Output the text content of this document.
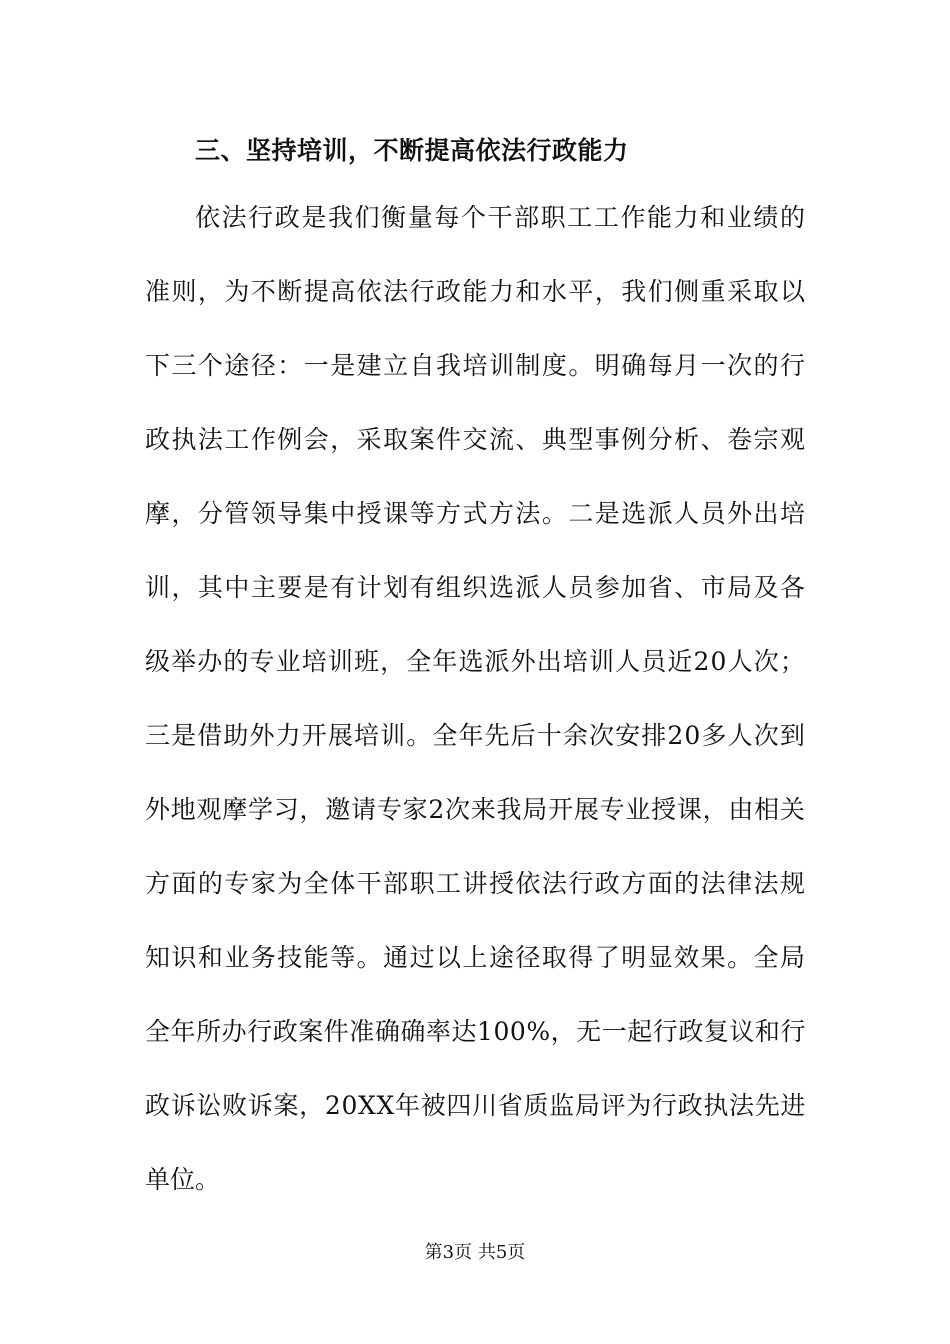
三、坚持培训，不断提高依法行政能力
依法行政是我们衡量每个干部职工工作能力和业绩的
准则，为不断提高依法行政能力和水平，我们侧重采取以
下三个途径：一是建立自我培训制度。明确每月一次的行
政执法工作例会，采取案件交流、典型事例分析、卷宗观
摩，分管领导集中授课等方式方法。二是选派人员外出培
训，其中主要是有计划有组织选派人员参加省、市局及各
级举办的专业培训班，全年选派外出培训人员近20人次；
三是借助外力开展培训。全年先后十余次安排20多人次到
外地观摩学习，邀请专家2次来我局开展专业授课，由相关
方面的专家为全体干部职工讲授依法行政方面的法律法规
知识和业务技能等。通过以上途径取得了明显效果。全局
全年所办行政案件准确确率达100%，无一起行政复议和行
政诉讼败诉案，20XX年被四川省质监局评为行政执法先进
单位。
第3页 共5页
